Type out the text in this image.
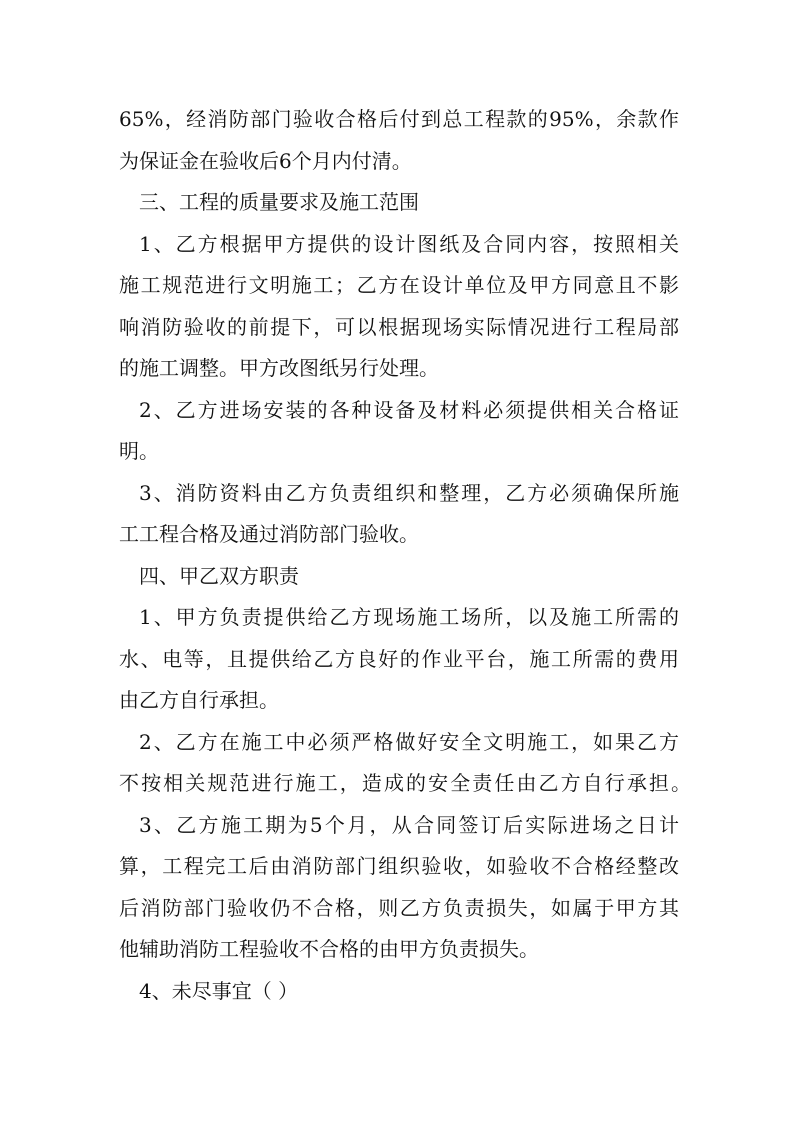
65%，经消防部门验收合格后付到总工程款的95%，余款作
为保证金在验收后6个月内付清。
三、工程的质量要求及施工范围
1、乙方根据甲方提供的设计图纸及合同内容，按照相关
施工规范进行文明施工；乙方在设计单位及甲方同意且不影
响消防验收的前提下，可以根据现场实际情况进行工程局部
的施工调整。甲方改图纸另行处理。
2、乙方进场安装的各种设备及材料必须提供相关合格证
明。
3、消防资料由乙方负责组织和整理，乙方必须确保所施
工工程合格及通过消防部门验收。
四、甲乙双方职责
1、甲方负责提供给乙方现场施工场所，以及施工所需的
水、电等，且提供给乙方良好的作业平台，施工所需的费用
由乙方自行承担。
2、乙方在施工中必须严格做好安全文明施工，如果乙方
不按相关规范进行施工，造成的安全责任由乙方自行承担。
3、乙方施工期为5个月，从合同签订后实际进场之日计
算，工程完工后由消防部门组织验收，如验收不合格经整改
后消防部门验收仍不合格，则乙方负责损失，如属于甲方其
他辅助消防工程验收不合格的由甲方负责损失。
4、未尽事宜（ ）
